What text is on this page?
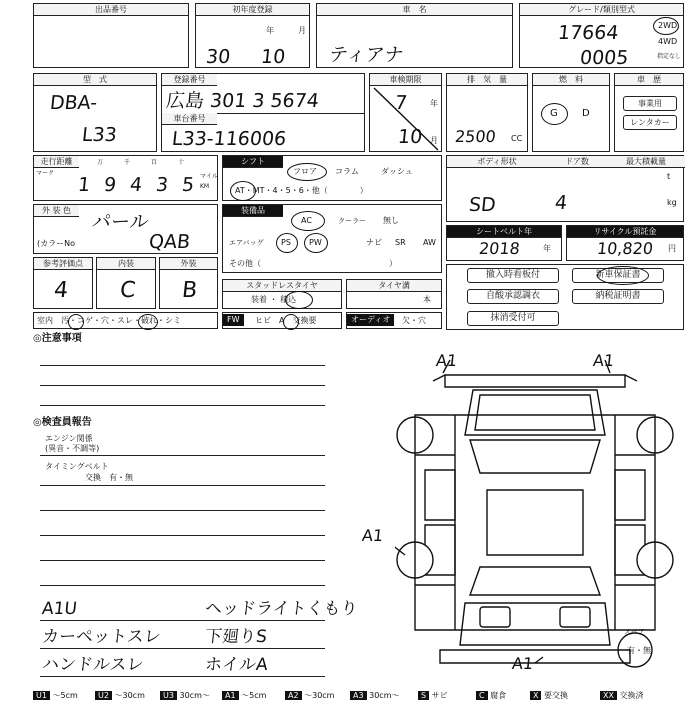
出品番号	初年度登録
年	月
30 10
車　名
ティアナ
グレード/類別型式
17664
0005
2WD
4WD
指定なし
型　式
DBA-
L33
登録番号
広島 301 3 5674
車台番号
L33-116006
車検期限
年
月
7
10
排　気　量
2500 CC
燃　料
G D
車　歴
事業用
レンタカー
走行距離
マーク
万	千	百	十
マイル
KM
1 9 4 3 5
シフト
フロア コラム	ダッシュ
AT・MT・4・5・6・他（　　　　）
ボディ形状	ドア数	最大積載量
SD	4
t
kg
外 装 色
パール
(カラーNo	QAB
装備品
AC	クーラー 無し
エアバッグ PS PW	ナビ SR AW
その他（　　　　　　　　　　　　　　　　）
シートベルト年
2018	年
リサイクル預託金
10,820 円
参考評価点
4
内装
C
外装
B	スタッドレスタイヤ
装着 ・ 積込
タイヤ溝
本
撤入時看板付
自酸承認調衣
抹消受付可
新車保証書
納税証明書
室内　汚・コゲ・穴・スレ・破れ・シミ	FW	ヒビ　A　交換要	オーディオ	欠・穴
◎注意事項
◎検査員報告
エンジン関係
(異音・不調等)
タイミングベルト
交換　有・無
A1U	ヘッドライトくもり
カーペットスレ 下廻りS
ハンドルスレ	ホイルA
A1	A1
A1
A1
スペア
有・無
U1 〜5cm	U2 〜30cm	U3 30cm〜	A1 〜5cm	A2 〜30cm	A3 30cm〜	S サビ	C 腐食	X 要交換	XX 交換済
